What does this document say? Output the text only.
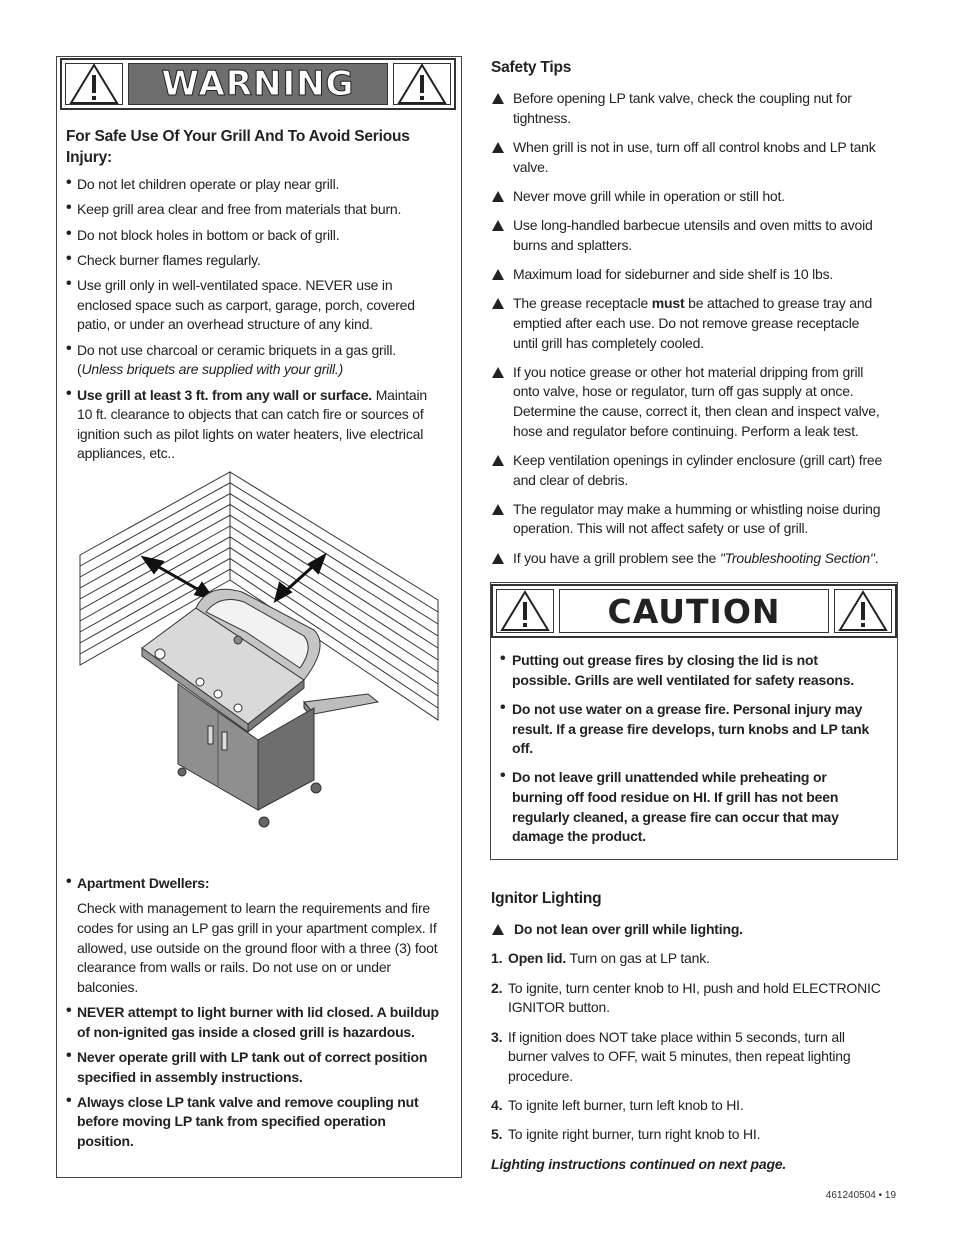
WARNING
For Safe Use Of Your Grill And To Avoid Serious
Injury:
• Do not let children operate or play near grill.
• Keep grill area clear and free from materials that burn.
• Do not block holes in bottom or back of grill.
• Check burner flames regularly.
• Use grill only in well-ventilated space. NEVER use in
enclosed space such as carport, garage, porch, covered
patio, or under an overhead structure of any kind.
• Do not use charcoal or ceramic briquets in a gas grill.
(Unless briquets are supplied with your grill.)
• Use grill at least 3 ft. from any wall or surface. Maintain
10 ft. clearance to objects that can catch fire or sources of
ignition such as pilot lights on water heaters, live electrical
appliances, etc..
• Apartment Dwellers:
Check with management to learn the requirements and fire
codes for using an LP gas grill in your apartment complex. If
allowed, use outside on the ground floor with a three (3) foot
clearance from walls or rails. Do not use on or under
balconies.
• NEVER attempt to light burner with lid closed. A buildup
of non-ignited gas inside a closed grill is hazardous.
• Never operate grill with LP tank out of correct position
specified in assembly instructions.
• Always close LP tank valve and remove coupling nut
before moving LP tank from specified operation
position.
Safety Tips
Before opening LP tank valve, check the coupling nut for
tightness.
When grill is not in use, turn off all control knobs and LP tank
valve.
Never move grill while in operation or still hot.
Use long-handled barbecue utensils and oven mitts to avoid
burns and splatters.
Maximum load for sideburner and side shelf is 10 lbs.
The grease receptacle must be attached to grease tray and
emptied after each use. Do not remove grease receptacle
until grill has completely cooled.
If you notice grease or other hot material dripping from grill
onto valve, hose or regulator, turn off gas supply at once.
Determine the cause, correct it, then clean and inspect valve,
hose and regulator before continuing. Perform a leak test.
Keep ventilation openings in cylinder enclosure (grill cart) free
and clear of debris.
The regulator may make a humming or whistling noise during
operation. This will not affect safety or use of grill.
If you have a grill problem see the "Troubleshooting Section".
CAUTION
• Putting out grease fires by closing the lid is not
possible. Grills are well ventilated for safety reasons.
• Do not use water on a grease fire. Personal injury may
result. If a grease fire develops, turn knobs and LP tank
off.
• Do not leave grill unattended while preheating or
burning off food residue on HI. If grill has not been
regularly cleaned, a grease fire can occur that may
damage the product.
Ignitor Lighting
Do not lean over grill while lighting.
1. Open lid. Turn on gas at LP tank.
2. To ignite, turn center knob to HI, push and hold ELECTRONIC
IGNITOR button.
3. If ignition does NOT take place within 5 seconds, turn all
burner valves to OFF, wait 5 minutes, then repeat lighting
procedure.
4. To ignite left burner, turn left knob to HI.
5. To ignite right burner, turn right knob to HI.
Lighting instructions continued on next page.
461240504 • 19
